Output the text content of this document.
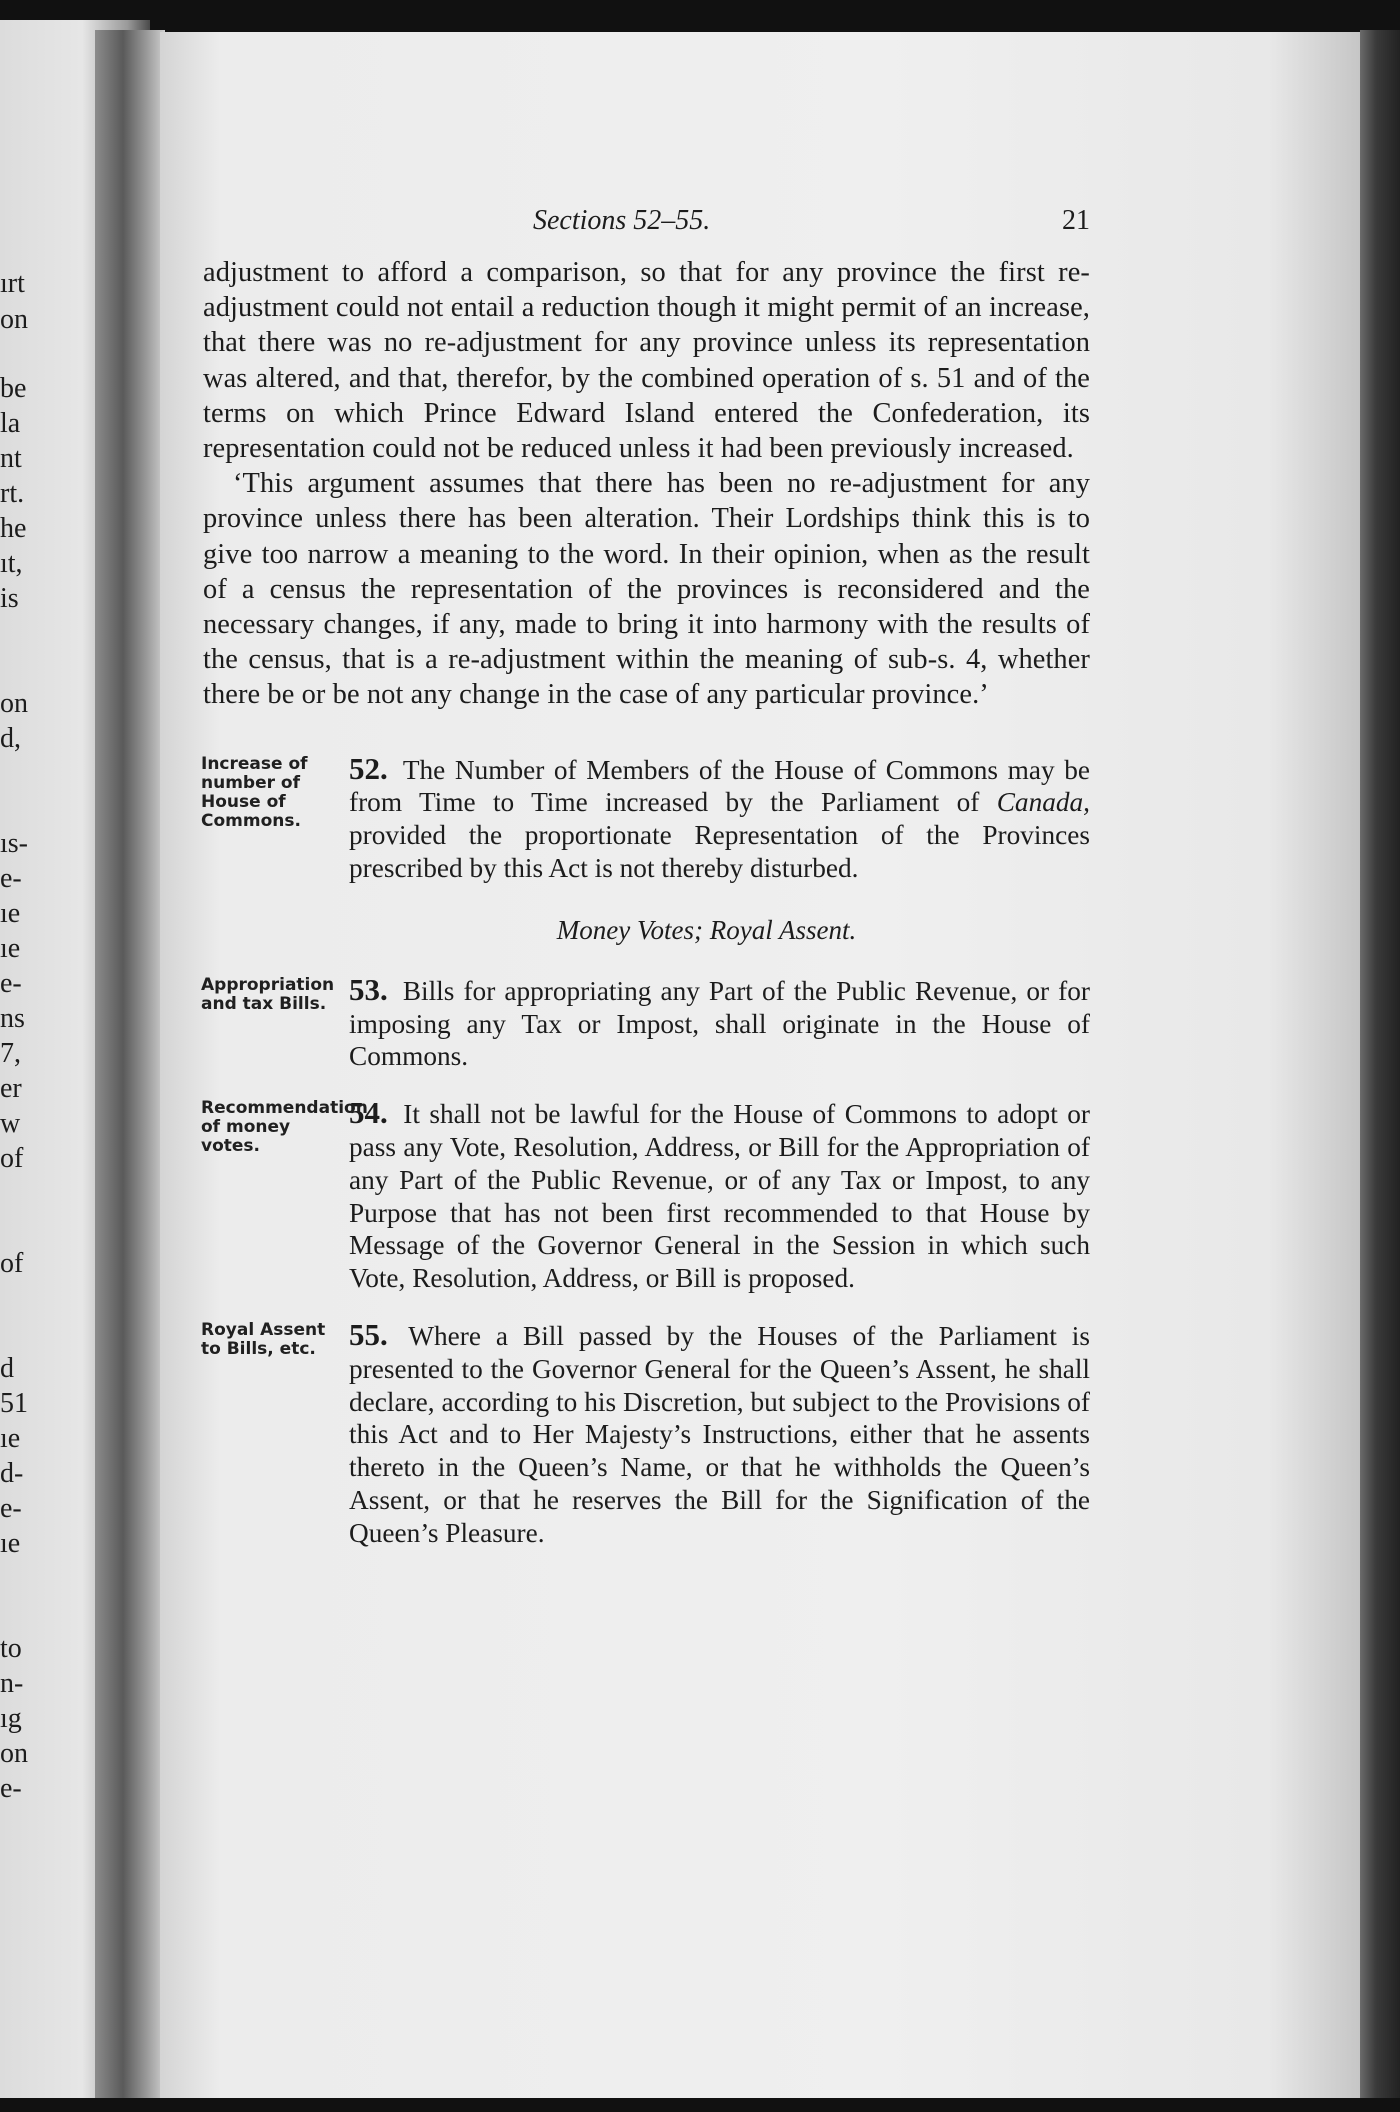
ırt
on
be
la
nt
rt.
he
ıt,
is
on
d,
ıs-
e-
ıe
ıe
e-
ns
7,
er
w
of
of
d
51
ıe
d-
e-
ıe
to
n-
ıg
on
e-
Sections 52–55.	21

adjustment to afford a comparison, so that for any province the first re-adjustment could not entail a reduction though it might permit of an increase, that there was no re-adjustment for any province unless its representation was altered, and that, therefor, by the combined operation of s. 51 and of the terms on which Prince Edward Island entered the Confederation, its representation could not be reduced unless it had been previously increased.

‘This argument assumes that there has been no re-adjustment for any province unless there has been alteration. Their Lordships think this is to give too narrow a meaning to the word. In their opinion, when as the result of a census the representation of the provinces is reconsidered and the necessary changes, if any, made to bring it into harmony with the results of the census, that is a re-adjustment within the meaning of sub-s. 4, whether there be or be not any change in the case of any particular province.’

Increase of number of House of Commons.
52. The Number of Members of the House of Commons may be from Time to Time increased by the Parliament of Canada, provided the proportionate Representation of the Provinces prescribed by this Act is not thereby disturbed.
Money Votes; Royal Assent.
Appropriation and tax Bills. 53. Bills for appropriating any Part of the Public Revenue, or for imposing any Tax or Impost, shall originate in the House of Commons.
Recommendation of money votes.
54. It shall not be lawful for the House of Commons to adopt or pass any Vote, Resolution, Address, or Bill for the Appropriation of any Part of the Public Revenue, or of any Tax or Impost, to any Purpose that has not been first recommended to that House by Message of the Governor General in the Session in which such Vote, Resolution, Address, or Bill is proposed.
Royal Assent to Bills, etc.	55. Where a Bill passed by the Houses of the Parliament is presented to the Governor General for the Queen’s Assent, he shall declare, according to his Discretion, but subject to the Provisions of this Act and to Her Majesty’s Instructions, either that he assents thereto in the Queen’s Name, or that he withholds the Queen’s Assent, or that he reserves the Bill for the Signification of the Queen’s Pleasure.
